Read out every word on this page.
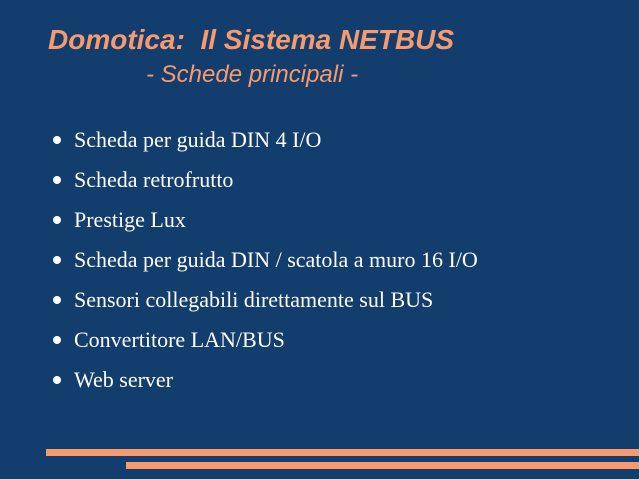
Domotica:  Il Sistema NETBUS
- Schede principali -
Scheda per guida DIN 4 I/O
Scheda retrofrutto
Prestige Lux
Scheda per guida DIN / scatola a muro 16 I/O
Sensori collegabili direttamente sul BUS
Convertitore LAN/BUS
Web server
